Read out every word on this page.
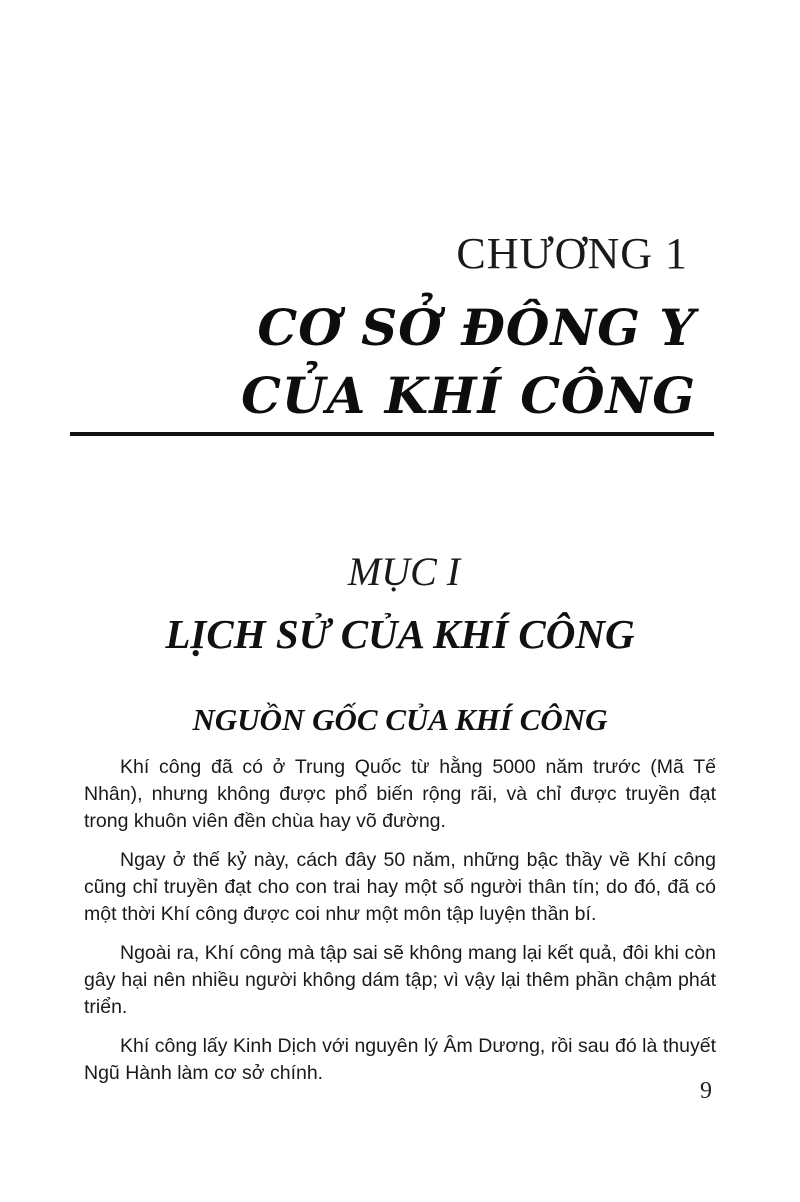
CHƯƠNG 1
CƠ SỞ ĐÔNG Y
CỦA KHÍ CÔNG
MỤC I
LỊCH SỬ CỦA KHÍ CÔNG
NGUỒN GỐC CỦA KHÍ CÔNG

Khí công đã có ở Trung Quốc từ hằng 5000 năm trước (Mã Tế Nhân), nhưng không được phổ biến rộng rãi, và chỉ được truyền đạt trong khuôn viên đền chùa hay võ đường.

Ngay ở thế kỷ này, cách đây 50 năm, những bậc thầy về Khí công cũng chỉ truyền đạt cho con trai hay một số người thân tín; do đó, đã có một thời Khí công được coi như một môn tập luyện thần bí.

Ngoài ra, Khí công mà tập sai sẽ không mang lại kết quả, đôi khi còn gây hại nên nhiều người không dám tập; vì vậy lại thêm phần chậm phát triển.

Khí công lấy Kinh Dịch với nguyên lý Âm Dương, rồi sau đó là thuyết Ngũ Hành làm cơ sở chính.

9
